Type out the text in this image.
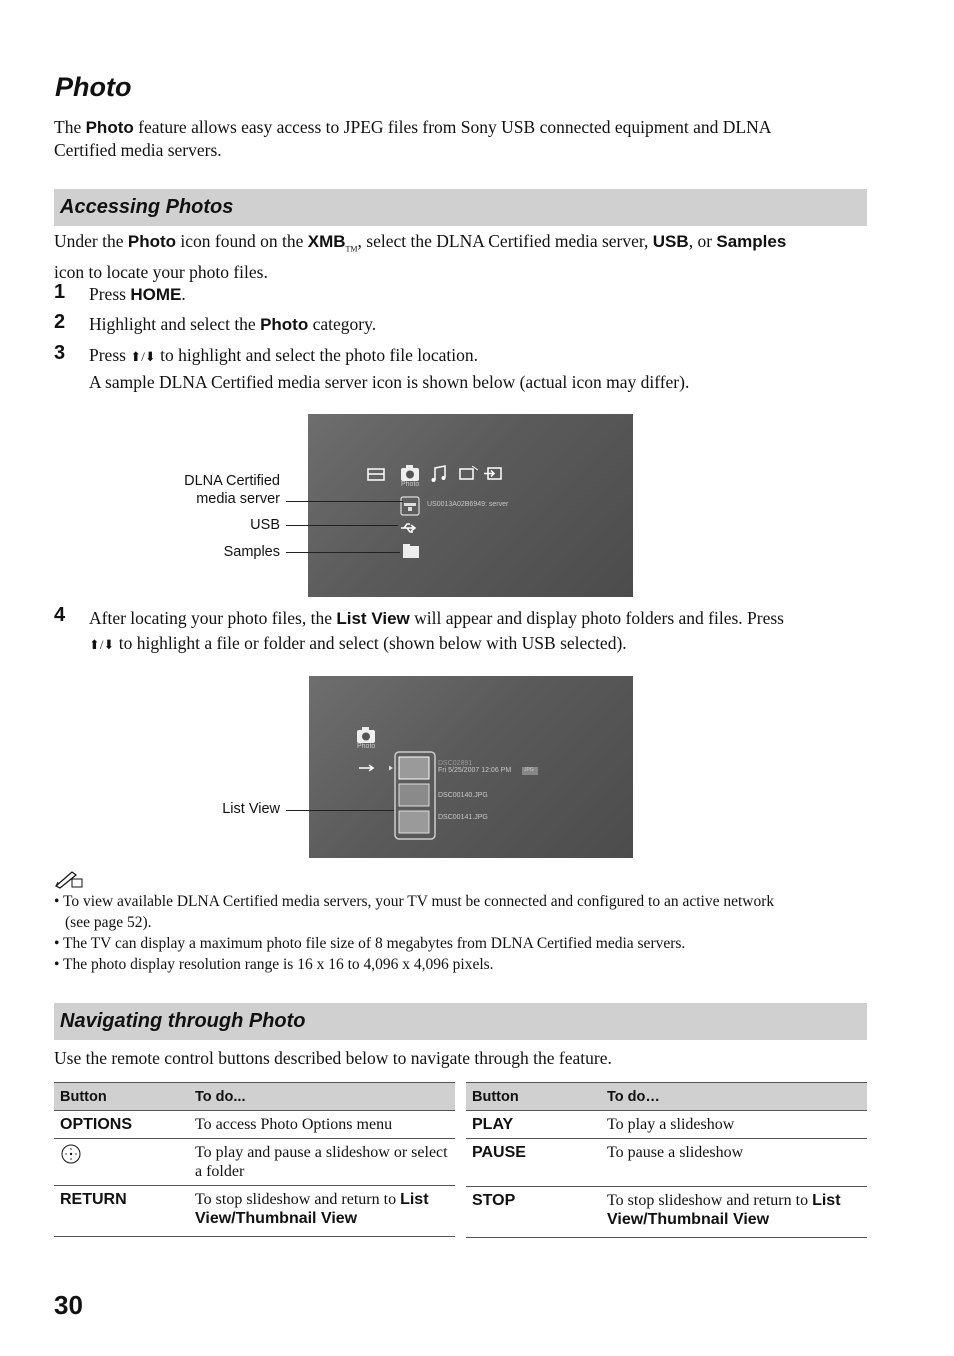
Photo
The Photo feature allows easy access to JPEG files from Sony USB connected equipment and DLNA
Certified media servers.
Accessing Photos
Under the Photo icon found on the $XMB_{TM}$, select the DLNA Certified media server, USB, or Samples
icon to locate your photo files.
1 Press HOME.
2 Highlight and select the Photo category.
3 Press ⬆/⬇ to highlight and select the photo file location.
A sample DLNA Certified media server icon is shown below (actual icon may differ).
Photo
US0013A02B6949: server
DLNA Certified
media server
USB
Samples
4 After locating your photo files, the List View will appear and display photo folders and files. Press
⬆/⬇ to highlight a file or folder and select (shown below with USB selected).
Photo
DSC02891
Fri 5/25/2007 12:06 PM	JPG
DSC00140.JPG
DSC00141.JPG
List View
• To view available DLNA Certified media servers, your TV must be connected and configured to an active network
(see page 52).
• The TV can display a maximum photo file size of 8 megabytes from DLNA Certified media servers.
• The photo display resolution range is 16 x 16 to 4,096 x 4,096 pixels.
Navigating through Photo
Use the remote control buttons described below to navigate through the feature.
Button	To do...
OPTIONS	To access Photo Options menu
	To play and pause a slideshow or select a folder
RETURN	To stop slideshow and return to List View/Thumbnail View
Button	To do…
PLAY	To play a slideshow
PAUSE	To pause a slideshow
STOP	To stop slideshow and return to List View/Thumbnail View
30
